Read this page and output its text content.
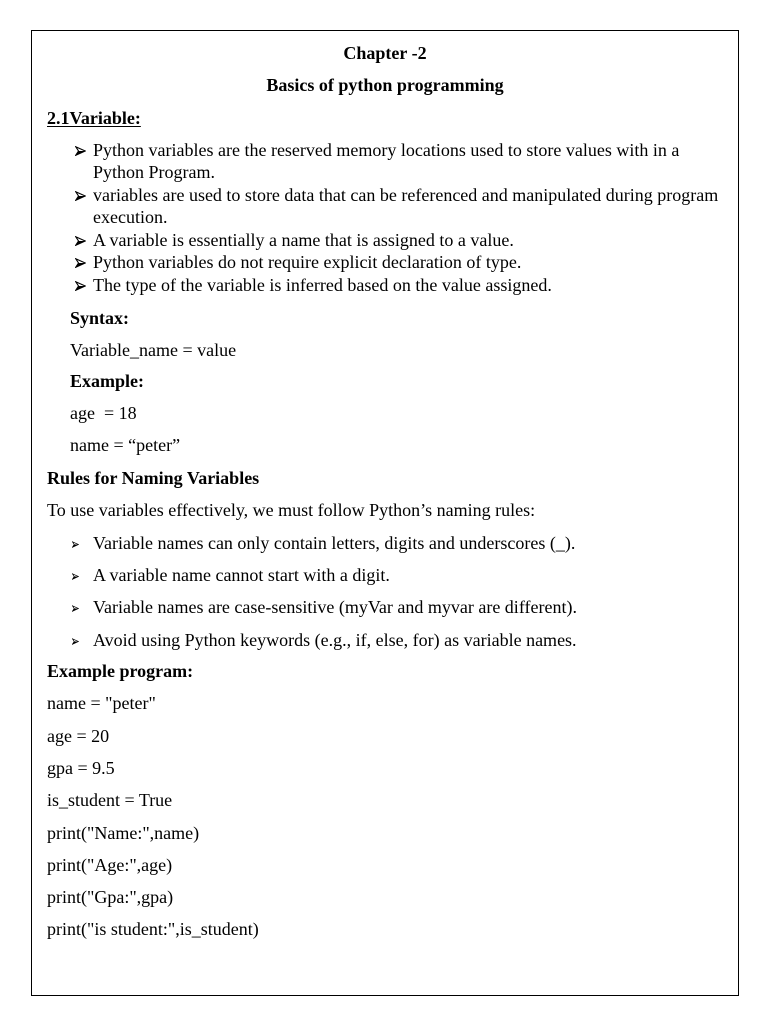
Chapter -2
Basics of python programming
2.1Variable:
Python variables are the reserved memory locations used to store values with in a
Python Program.
variables are used to store data that can be referenced and manipulated during program
execution.
A variable is essentially a name that is assigned to a value.
Python variables do not require explicit declaration of type.
The type of the variable is inferred based on the value assigned.
Syntax:
Variable_name = value
Example:
age  = 18
name = “peter”
Rules for Naming Variables
To use variables effectively, we must follow Python’s naming rules:
Variable names can only contain letters, digits and underscores (_).
A variable name cannot start with a digit.
Variable names are case-sensitive (myVar and myvar are different).
Avoid using Python keywords (e.g., if, else, for) as variable names.
Example program:
name = "peter"
age = 20
gpa = 9.5
is_student = True
print("Name:",name)
print("Age:",age)
print("Gpa:",gpa)
print("is student:",is_student)
